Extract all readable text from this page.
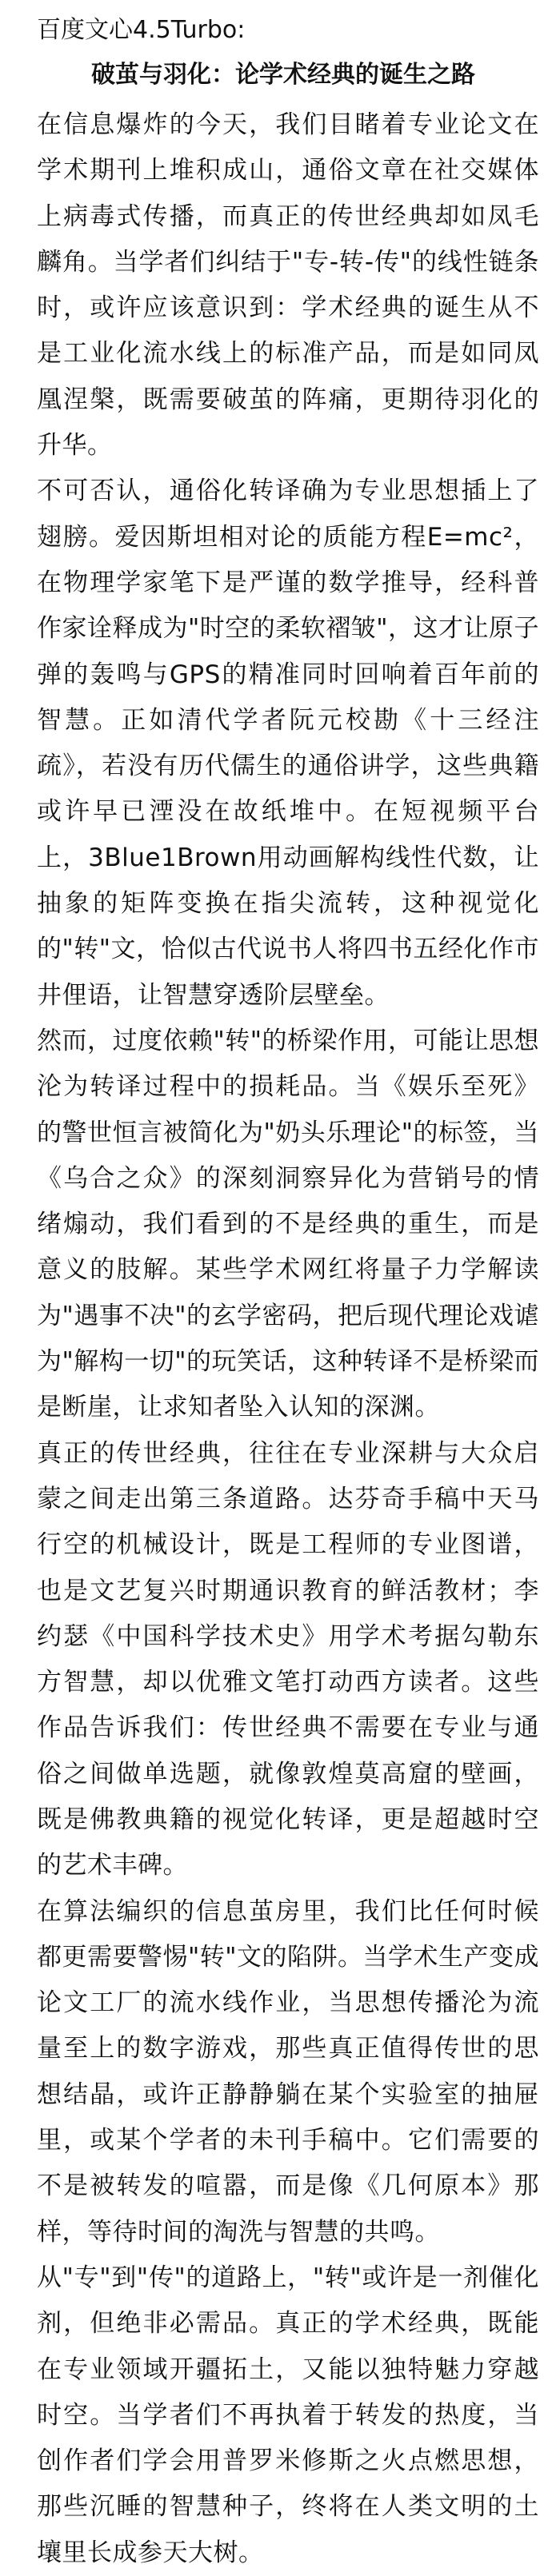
百度文心4.5Turbo:
破茧与羽化：论学术经典的诞生之路

在信息爆炸的今天，我们目睹着专业论文在学术期刊上堆积成山，通俗文章在社交媒体上病毒式传播，而真正的传世经典却如凤毛麟角。当学者们纠结于"专-转-传"的线性链条时，或许应该意识到：学术经典的诞生从不是工业化流水线上的标准产品，而是如同凤凰涅槃，既需要破茧的阵痛，更期待羽化的升华。

不可否认，通俗化转译确为专业思想插上了翅膀。爱因斯坦相对论的质能方程E=mc²，在物理学家笔下是严谨的数学推导，经科普作家诠释成为"时空的柔软褶皱"，这才让原子弹的轰鸣与GPS的精准同时回响着百年前的智慧。正如清代学者阮元校勘《十三经注疏》，若没有历代儒生的通俗讲学，这些典籍或许早已湮没在故纸堆中。在短视频平台上，3Blue1Brown用动画解构线性代数，让抽象的矩阵变换在指尖流转，这种视觉化的"转"文，恰似古代说书人将四书五经化作市井俚语，让智慧穿透阶层壁垒。

然而，过度依赖"转"的桥梁作用，可能让思想沦为转译过程中的损耗品。当《娱乐至死》的警世恒言被简化为"奶头乐理论"的标签，当《乌合之众》的深刻洞察异化为营销号的情绪煽动，我们看到的不是经典的重生，而是意义的肢解。某些学术网红将量子力学解读为"遇事不决"的玄学密码，把后现代理论戏谑为"解构一切"的玩笑话，这种转译不是桥梁而是断崖，让求知者坠入认知的深渊。

真正的传世经典，往往在专业深耕与大众启蒙之间走出第三条道路。达芬奇手稿中天马行空的机械设计，既是工程师的专业图谱，也是文艺复兴时期通识教育的鲜活教材；李约瑟《中国科学技术史》用学术考据勾勒东方智慧，却以优雅文笔打动西方读者。这些作品告诉我们：传世经典不需要在专业与通俗之间做单选题，就像敦煌莫高窟的壁画，既是佛教典籍的视觉化转译，更是超越时空的艺术丰碑。

在算法编织的信息茧房里，我们比任何时候都更需要警惕"转"文的陷阱。当学术生产变成论文工厂的流水线作业，当思想传播沦为流量至上的数字游戏，那些真正值得传世的思想结晶，或许正静静躺在某个实验室的抽屉里，或某个学者的未刊手稿中。它们需要的不是被转发的喧嚣，而是像《几何原本》那样，等待时间的淘洗与智慧的共鸣。

从"专"到"传"的道路上，"转"或许是一剂催化剂，但绝非必需品。真正的学术经典，既能在专业领域开疆拓土，又能以独特魅力穿越时空。当学者们不再执着于转发的热度，当创作者们学会用普罗米修斯之火点燃思想，那些沉睡的智慧种子，终将在人类文明的土壤里长成参天大树。
